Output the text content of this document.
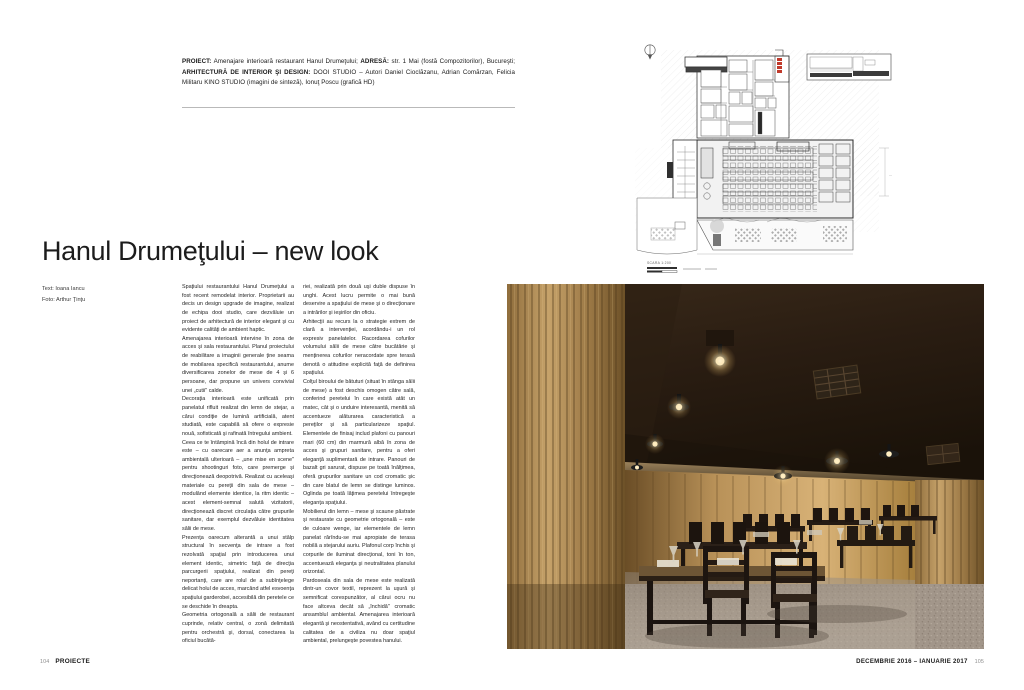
PROIECT: Amenajare interioară restaurant Hanul Drumeţului; ADRESĂ: str. 1 Mai (fostă Compozitorilor), Bucureşti; ARHITECTURĂ DE INTERIOR ŞI DESIGN: DOOI STUDIO – Autori Daniel Cioclăzanu, Adrian Comărzan, Felicia Militaru KINO STUDIO (imagini de sinteză), Ionuţ Poscu (grafică HD)
Hanul Drumeţului – new look
Text: Ioana Iancu
Foto: Arthur Ţinţu

Spaţiului restaurantului Hanul Drumeţului a fost recent remodelat interior. Proprietarii au decis un design upgrade de imagine, realizat de echipa dooi studio, care dezvăluie un proiect de arhitectură de interior elegant şi cu evidente calităţi de ambient haptic.

Amenajarea interioară intervine în zona de acces şi sala restaurantului. Planul proiectului de reabilitare a imaginii generale ţine seama de mobilarea specifică restaurantului, anume diversificarea zonelor de mese de 4 şi 6 persoane, dar propune un univers convivial unei „cutii" calde.

Decoraţia interioară este unificată prin panelatul rifluit realizat din lemn de stejar, a cărui condiţie de lumină artificială, atent studiată, este capabilă să ofere o expresie nouă, sofisticată şi rafinată întregului ambient.

Ceea ce te întâmpină încă din holul de intrare este – cu oarecare aer a anunţa ampreta ambientală ulterioară – „une mise en scene" pentru shootinguri foto, care premerge şi direcţionează deopotrivă. Realizat cu aceleaşi materiale cu pereţii din sala de mese – modulând elemente identice, la ritm identic – acest element-semnal salută vizitatorii, direcţionează discret circulaţia către grupurile sanitare, dar exemplul dezvăluie identitatea sălii de mese.

Prezenţa oarecum alterantă a unui stâlp structural în secvenţa de intrare a fost rezolvată spaţial prin introducerea unui element identic, simetric faţă de direcţia parcurgerii spaţiului, realizat din pereţi neportanţi, care are rolul de a subînţelege delicat holul de acces, marcând atfel esvoenţa spaţiului garderobei, accesibilă din pereteIe ce se deschide în dreapta.

Geometria ortogonală a sălii de restaurant cuprinde, relativ central, o zonă delimitată pentru orchestră şi, dorsal, conectarea la oficiul bucătă-

riei, realizată prin două uşi duble dispuse în unghi. Acest lucru permite o mai bună deservire a spaţiului de mese şi o direcţionare a intrărilor şi ieşirilor din oficiu.

Arhitecţii au recurs la o strategie extrem de clară a intervenţiei, acordându-i un rol expresiv panelatelor. Racordarea cofurilor volumului sălii de mese către bucătărie şi menţinerea cofurilor neracordate spre terasă denotă o atitudine explicită faţă de definirea spaţiului.

Colţul biroului de bătuturi (situat în stânga sălii de mese) a fost deschis omogen către sală, conferind peretelui în care există atât un matec, cât şi o unduire interesantă, menită să accentueze alăturarea caracteristică a pereţilor şi să particularizeze spaţiul. Elementele de finisaj includ plafoni cu panouri mari (60 cm) din marmură albă în zona de acces şi grupuri sanitare, pentru a oferi eleganţă suplimentară de intrare. Panouri de bazalt gri sarurat, dispuse pe toată înălţimea, oferă grupurilor sanitare un cod cromatic şic din care blatul de lemn se distinge luminos. Oglinda pe toată lăţimea peretelui întregeşte eleganţa spaţiului.

Mobilierul din lemn – mese şi scaune păstrate şi restaurate cu geometrie ortogonală – este de culoare wenge, iar elementele de lemn panelat rărîndu-se mai apropiate de terasa nobilă a stejarului auriu. Plafonul corp închis şi corpurile de iluminat direcţional, toni în ton, accentuează eleganţa şi neutralitatea planului orizontal.

Pardoseala din sala de mese este realizată dintr-un covor textil, reprezent la uşură şi semnificat corespunzător, al cărui ocru nu face altceva decât să „închidă" cromatic ansamblul ambiental. Amenajarea interioară elegantă şi neostentativă, având cu certitudine calitatea de a civiliza nu doar spaţiul ambiental, prelungeşte povestea hanului.

104 PROIECTE
—
SCARA 1:200
DECEMBRIE 2016 – IANUARIE 2017 105
